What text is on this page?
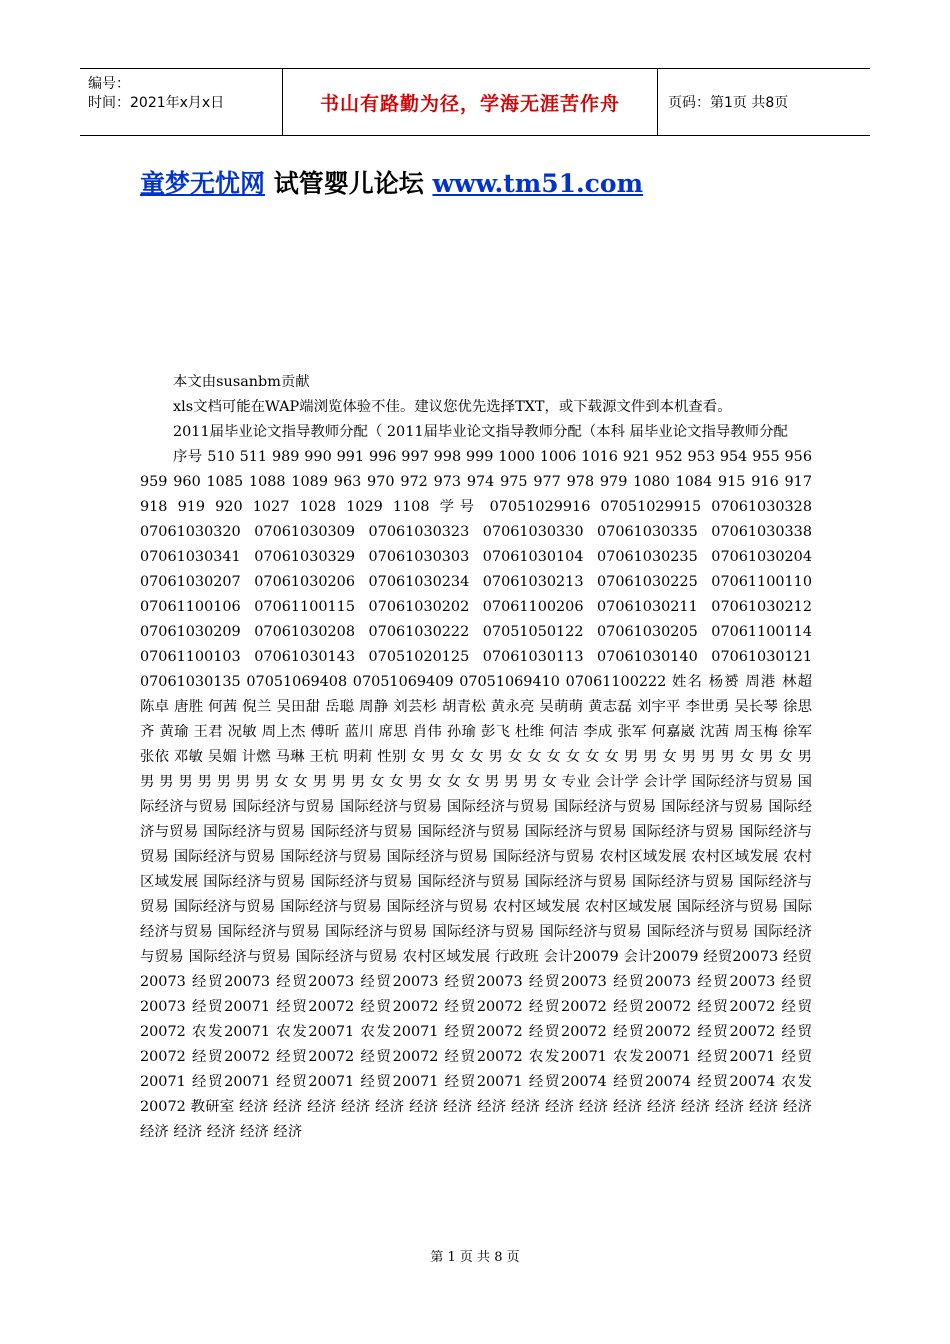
编号：
时间：2021年x月x日	书山有路勤为径，学海无涯苦作舟	页码：第1页 共8页
童梦无忧网 试管婴儿论坛 www.tm51.com

本文由susanbm贡献

xls文档可能在WAP端浏览体验不佳。建议您优先选择TXT，或下载源文件到本机查看。

2011届毕业论文指导教师分配（ 2011届毕业论文指导教师分配（本科 届毕业论文指导教师分配

序号 510 511 989 990 991 996 997 998 999 1000 1006 1016 921 952 953 954 955 956 959 960 1085 1088 1089 963 970 972 973 974 975 977 978 979 1080 1084 915 916 917 918 919 920 1027 1028 1029 1108 学号 07051029916 07051029915 07061030328 07061030320 07061030309 07061030323 07061030330 07061030335 07061030338 07061030341 07061030329 07061030303 07061030104 07061030235 07061030204 07061030207 07061030206 07061030234 07061030213 07061030225 07061100110 07061100106 07061100115 07061030202 07061100206 07061030211 07061030212 07061030209 07061030208 07061030222 07051050122 07061030205 07061100114 07061100103 07061030143 07051020125 07061030113 07061030140 07061030121 07061030135 07051069408 07051069409 07051069410 07061100222 姓名 杨赟 周港 林超 陈卓 唐胜 何茜 倪兰 吴田甜 岳聪 周静 刘芸杉 胡青松 黄永亮 吴萌萌 黄志磊 刘宇平 李世勇 吴长琴 徐思齐 黄瑜 王君 况敏 周上杰 傅昕 蓝川 席思 肖伟 孙瑜 彭飞 杜维 何洁 李成 张军 何嘉崴 沈茜 周玉梅 徐军 张依 邓敏 吴媚 计燃 马琳 王杭 明莉 性别 女 男 女 女 男 女 女 女 女 女 女 男 男 女 男 男 男 女 男 女 男 男 男 男 男 男 男 男 女 女 男 男 男 女 女 男 女 女 女 男 男 男 女 专业 会计学 会计学 国际经济与贸易 国际经济与贸易 国际经济与贸易 国际经济与贸易 国际经济与贸易 国际经济与贸易 国际经济与贸易 国际经济与贸易 国际经济与贸易 国际经济与贸易 国际经济与贸易 国际经济与贸易 国际经济与贸易 国际经济与贸易 国际经济与贸易 国际经济与贸易 国际经济与贸易 国际经济与贸易 农村区域发展 农村区域发展 农村区域发展 国际经济与贸易 国际经济与贸易 国际经济与贸易 国际经济与贸易 国际经济与贸易 国际经济与贸易 国际经济与贸易 国际经济与贸易 国际经济与贸易 农村区域发展 农村区域发展 国际经济与贸易 国际经济与贸易 国际经济与贸易 国际经济与贸易 国际经济与贸易 国际经济与贸易 国际经济与贸易 国际经济与贸易 国际经济与贸易 国际经济与贸易 农村区域发展 行政班 会计20079 会计20079 经贸20073 经贸20073 经贸20073 经贸20073 经贸20073 经贸20073 经贸20073 经贸20073 经贸20073 经贸20073 经贸20071 经贸20072 经贸20072 经贸20072 经贸20072 经贸20072 经贸20072 经贸20072 农发20071 农发20071 农发20071 经贸20072 经贸20072 经贸20072 经贸20072 经贸20072 经贸20072 经贸20072 经贸20072 经贸20072 农发20071 农发20071 经贸20071 经贸20071 经贸20071 经贸20071 经贸20071 经贸20071 经贸20074 经贸20074 经贸20074 农发20072 教研室 经济 经济 经济 经济 经济 经济 经济 经济 经济 经济 经济 经济 经济 经济 经济 经济 经济 经济 经济 经济 经济 经济

第 1 页 共 8 页
